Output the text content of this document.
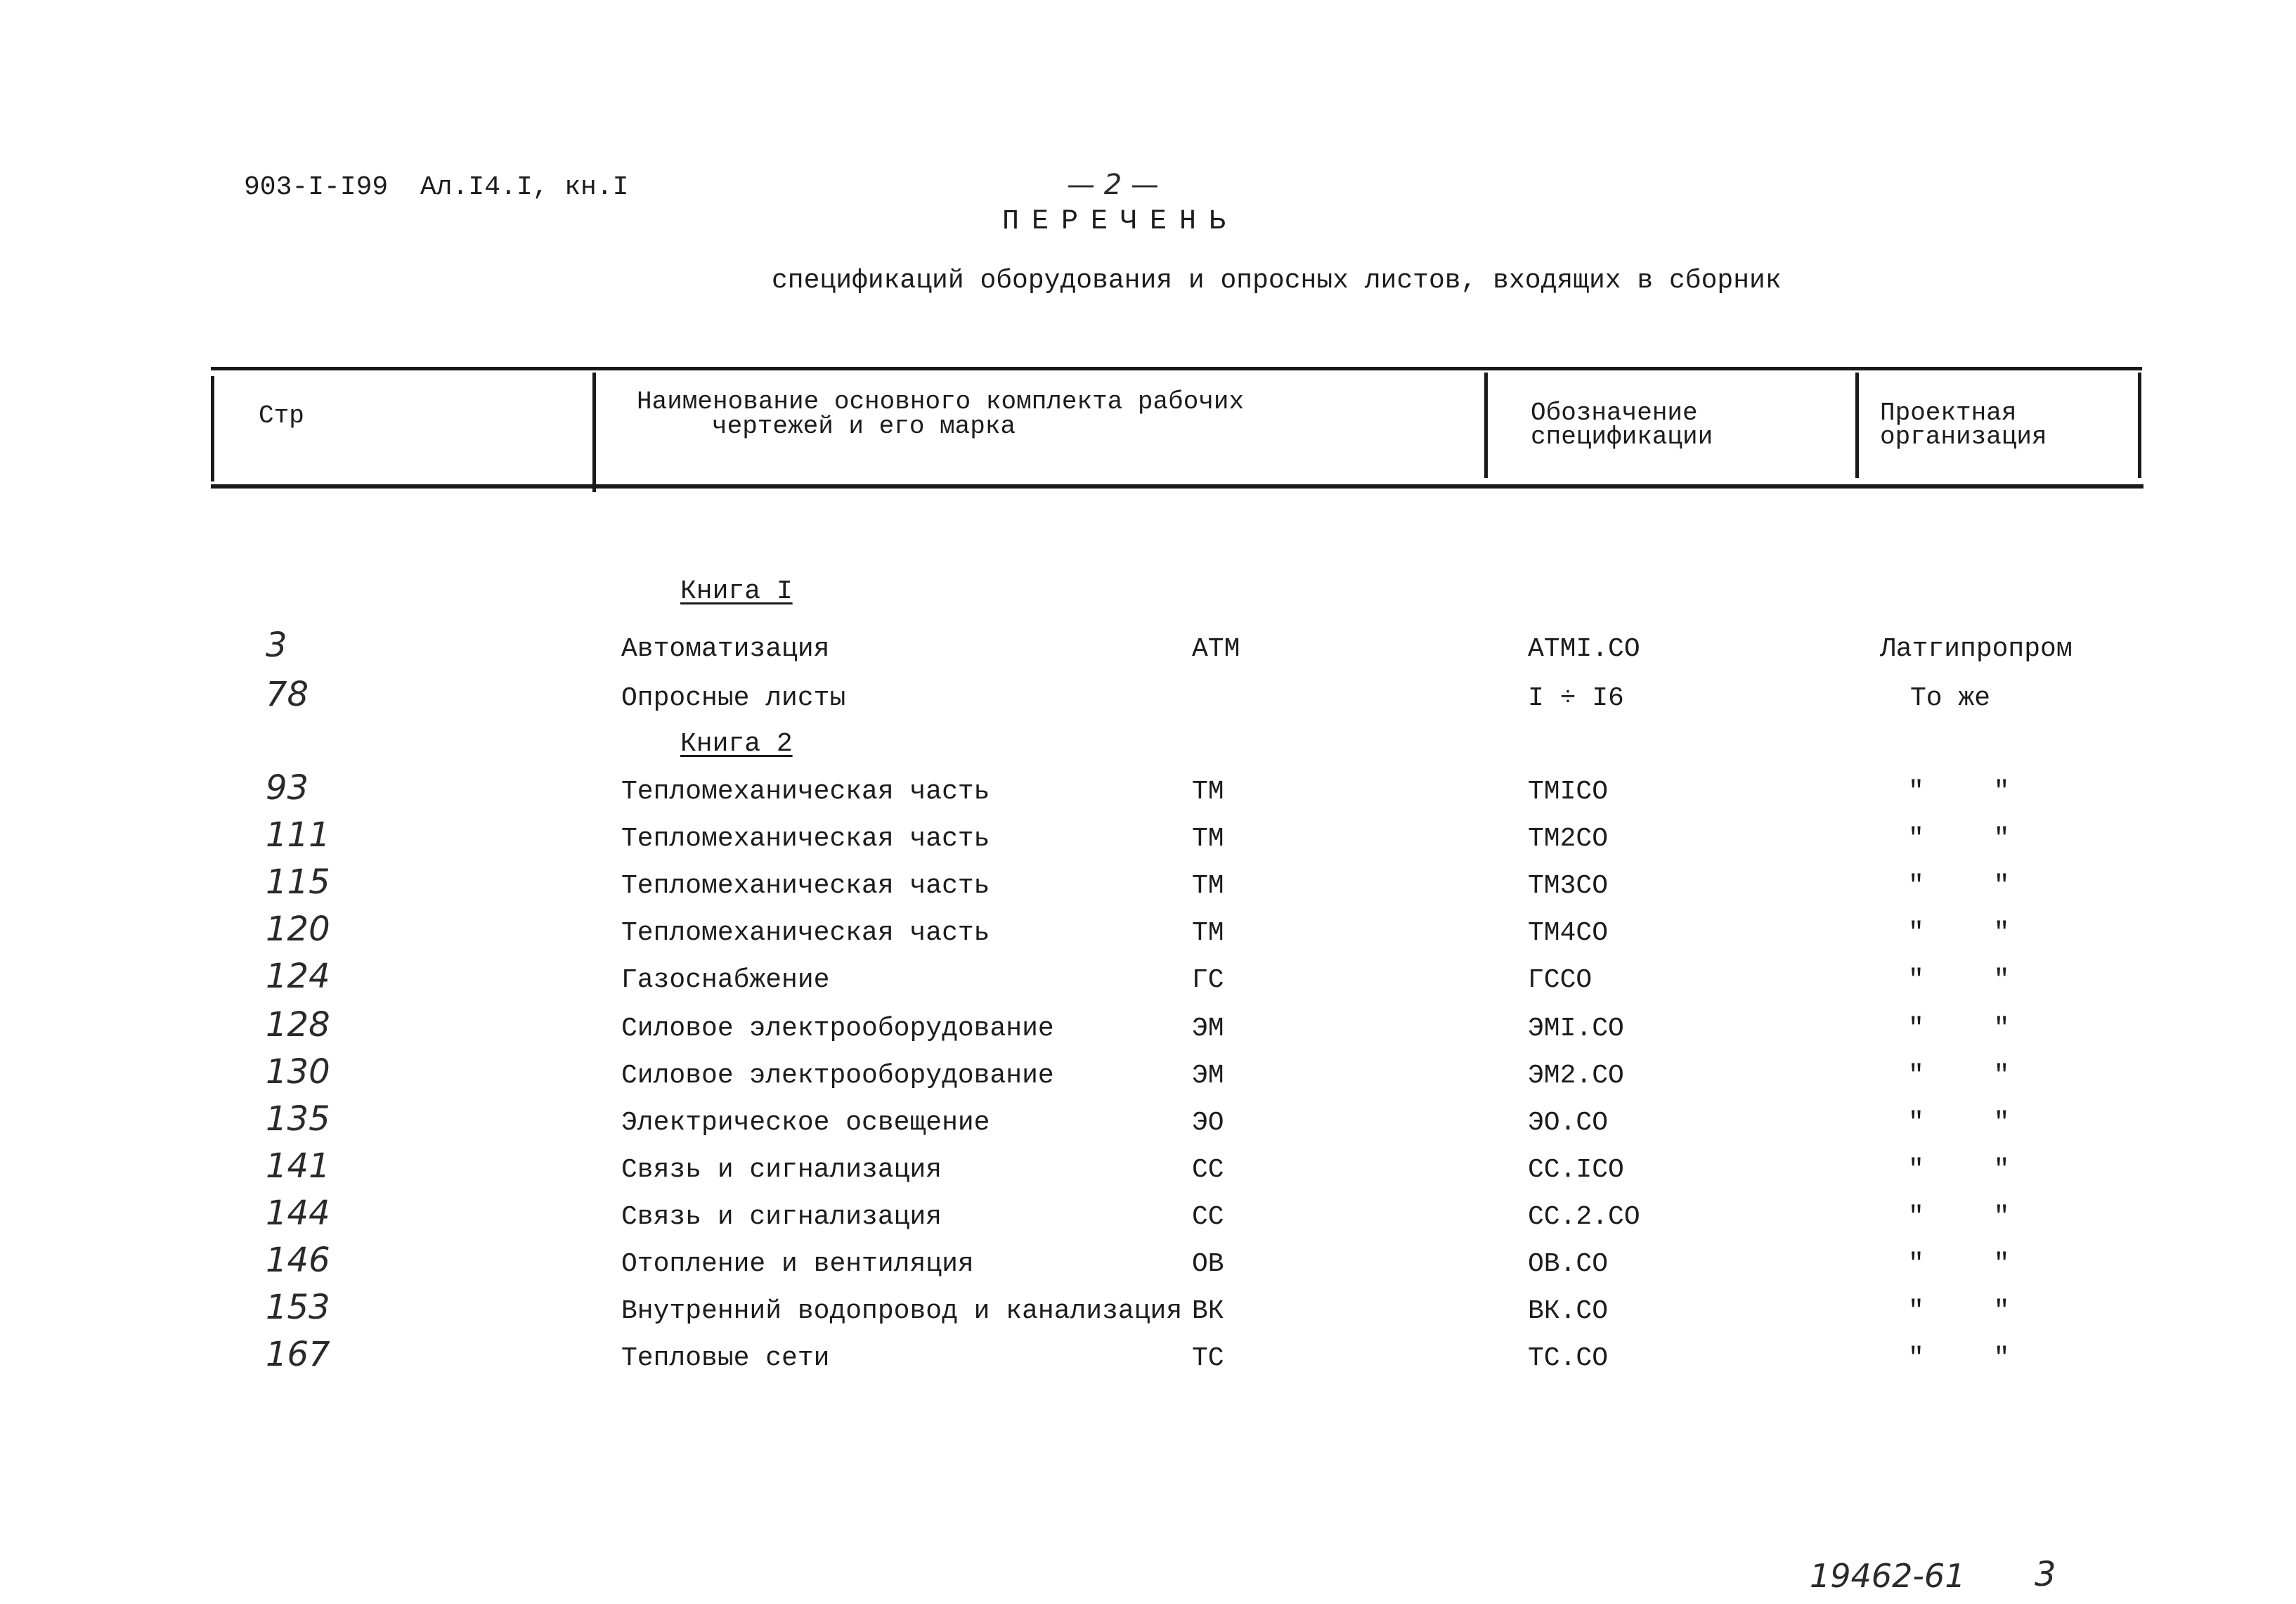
903-I-I99 Ал.I4.I, кн.I	— 2 —
ПЕРЕЧЕНЬ
спецификаций оборудования и опросных листов, входящих в сборник
Стр	Наименование основного комплекта рабочих
чертежей и его марка	Обозначение
спецификации
Проектная
организация
Книга I
Книга 2
3	Автоматизация	АТМ	АТМI.СО	Латгипропром
78	Опросные листы	I ÷ I6	То же
93	Тепломеханическая часть	ТМ	ТМIСО	" "
111	Тепломеханическая часть	ТМ	ТМ2СО	" "
115	Тепломеханическая часть	ТМ	ТМ3СО	" "
120	Тепломеханическая часть	ТМ	ТМ4СО	" "
124	Газоснабжение	ГС	ГССО	" "
128	Силовое электрооборудование	ЭМ	ЭМI.СО	" "
130	Силовое электрооборудование	ЭМ	ЭМ2.СО	" "
135	Электрическое освещение	ЭО	ЭО.СО	" "
141	Связь и сигнализация	СС	СС.IСО	" "
144	Связь и сигнализация	СС	СС.2.СО	" "
146	Отопление и вентиляция	ОВ	ОВ.СО	" "
153	Внутренний водопровод и канализация ВК	ВК.СО	" "
167	Тепловые сети	ТС	ТС.СО	" "
19462-61 3
